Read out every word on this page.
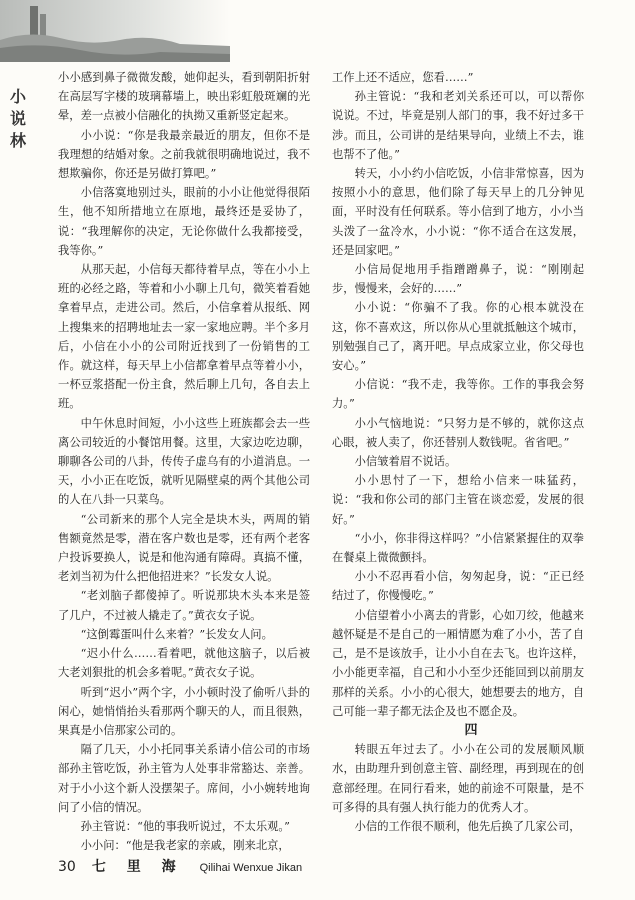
小说林

小小感到鼻子微微发酸，她仰起头，看到朝阳折射在高层写字楼的玻璃幕墙上，映出彩虹般斑斓的光晕，差一点被小信融化的执拗又重新竖定起来。

小小说：“你是我最亲最近的朋友，但你不是我理想的结婚对象。之前我就很明确地说过，我不想欺骗你，你还是另做打算吧。”

小信落寞地别过头，眼前的小小让他觉得很陌生，他不知所措地立在原地，最终还是妥协了，说：“我理解你的决定，无论你做什么我都接受，我等你。”

从那天起，小信每天都待着早点，等在小小上班的必经之路，等着和小小聊上几句，微笑着看她拿着早点，走进公司。然后，小信拿着从报纸、网上搜集来的招聘地址去一家一家地应聘。半个多月后，小信在小小的公司附近找到了一份销售的工作。就这样，每天早上小信都拿着早点等着小小，一杯豆浆搭配一份主食，然后聊上几句，各自去上班。

中午休息时间短，小小这些上班族都会去一些离公司较近的小餐馆用餐。这里，大家边吃边聊，聊聊各公司的八卦，传传子虚乌有的小道消息。一天，小小正在吃饭，就听见隔壁桌的两个其他公司的人在八卦一只菜鸟。

“公司新来的那个人完全是块木头，两周的销售额竟然是零，潜在客户数也是零，还有两个老客户投诉要换人，说是和他沟通有障碍。真搞不懂，老刘当初为什么把他招进来？”长发女人说。

“老刘脑子都傻掉了。听说那块木头本来是签了几户，不过被人撬走了。”黄衣女子说。

“这倒霉蛋叫什么来着？”长发女人问。

“迟小什么……看着吧，就他这脑子，以后被大老刘狠批的机会多着呢。”黄衣女子说。

听到“迟小”两个字，小小顿时没了偷听八卦的闲心，她悄悄抬头看那两个聊天的人，而且很熟，果真是小信那家公司的。

隔了几天，小小托同事关系请小信公司的市场部孙主管吃饭，孙主管为人处事非常豁达、亲善。对于小小这个新人没摆架子。席间，小小婉转地询问了小信的情况。

孙主管说：“他的事我听说过，不太乐观。”

小小问：“他是我老家的亲戚，刚来北京，

工作上还不适应，您看……”

孙主管说：“我和老刘关系还可以，可以帮你说说。不过，毕竟是别人部门的事，我不好过多干涉。而且，公司讲的是结果导向，业绩上不去，谁也帮不了他。”

转天，小小约小信吃饭，小信非常惊喜，因为按照小小的意思，他们除了每天早上的几分钟见面，平时没有任何联系。等小信到了地方，小小当头泼了一盆冷水，小小说：“你不适合在这发展，还是回家吧。”

小信局促地用手指蹭蹭鼻子，说：“刚刚起步，慢慢来，会好的……”

小小说：“你骗不了我。你的心根本就没在这，你不喜欢这，所以你从心里就抵触这个城市，别勉强自己了，离开吧。早点成家立业，你父母也安心。”

小信说：“我不走，我等你。工作的事我会努力。”

小小气恼地说：“只努力是不够的，就你这点心眼，被人卖了，你还替别人数钱呢。省省吧。”

小信皱着眉不说话。

小小思忖了一下，想给小信来一味猛药，说：“我和你公司的部门主管在谈恋爱，发展的很好。”

“小小，你非得这样吗？”小信紧紧握住的双拳在餐桌上微微颤抖。

小小不忍再看小信，匆匆起身，说：“正已经结过了，你慢慢吃。”

小信望着小小离去的背影，心如刀绞，他越来越怀疑是不是自己的一厢情愿为难了小小，苦了自己，是不是该放手，让小小自在去飞。也许这样，小小能更幸福，自己和小小至少还能回到以前朋友那样的关系。小小的心很大，她想要去的地方，自己可能一辈子都无法企及也不愿企及。

四

转眼五年过去了。小小在公司的发展顺风顺水，由助理升到创意主管、副经理，再到现在的创意部经理。在同行看来，她的前途不可限量，是不可多得的具有强人执行能力的优秀人才。

小信的工作很不顺利，他先后换了几家公司，

30 七 里 海 Qilihai Wenxue Jikan
